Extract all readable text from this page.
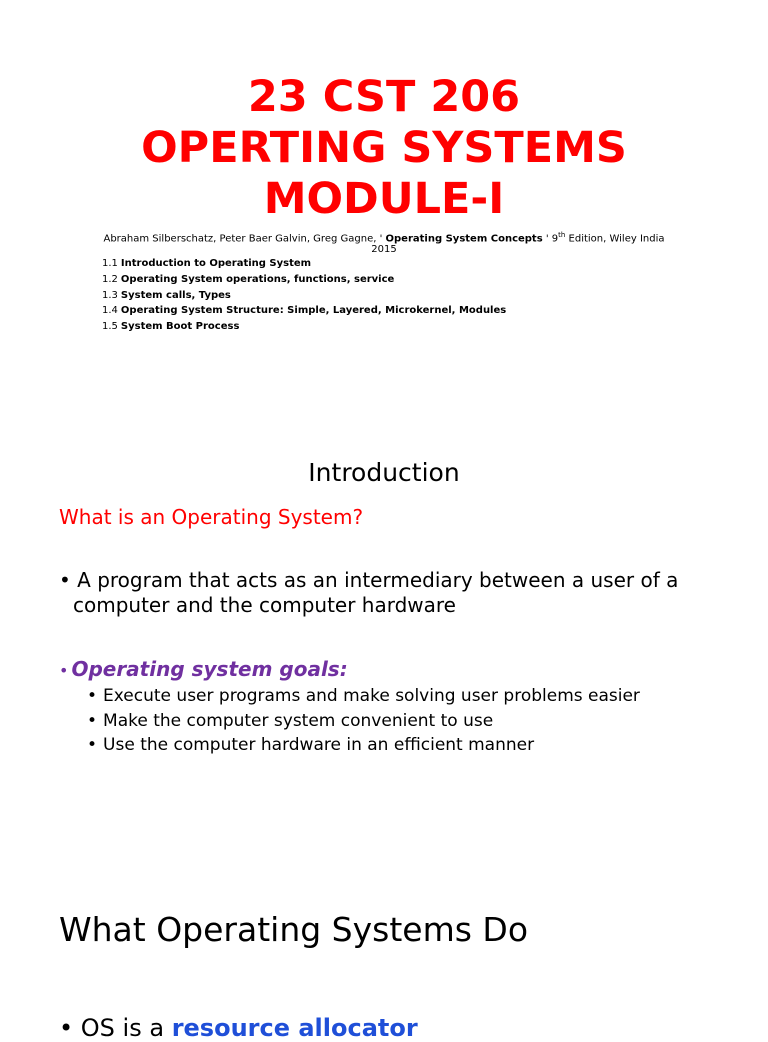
23 CST 206
OPERTING SYSTEMS
MODULE-I
Abraham Silberschatz, Peter Baer Galvin, Greg Gagne, ' Operating System Concepts ' 9th Edition, Wiley India 2015
1.1 Introduction to Operating System
1.2 Operating System operations, functions, service
1.3 System calls, Types
1.4 Operating System Structure: Simple, Layered, Microkernel, Modules
1.5 System Boot Process
Introduction
What is an Operating System?
• A program that acts as an intermediary between a user of a computer and the computer hardware
• Operating system goals:
• Execute user programs and make solving user problems easier
• Make the computer system convenient to use
• Use the computer hardware in an efficient manner
What Operating Systems Do
• OS is a resource allocator
